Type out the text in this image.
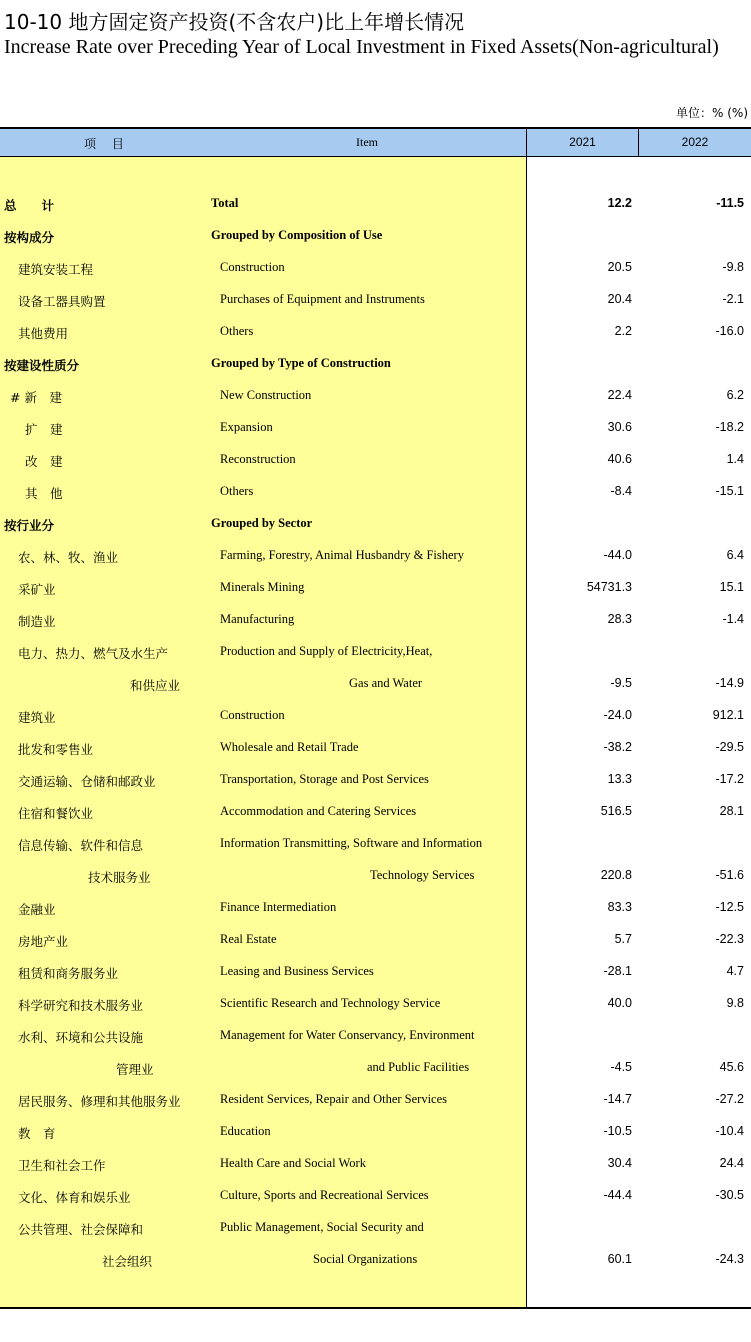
10-10 地方固定资产投资(不含农户)比上年增长情况
Increase Rate over Preceding Year of Local Investment in Fixed Assets(Non-agricultural)
单位：% (%)
项 目	Item	2021	2022
总　　计	Total	12.2	-11.5
按构成分	Grouped by Composition of Use
建筑安装工程	Construction	20.5	-9.8
设备工器具购置	Purchases of Equipment and Instruments	20.4	-2.1
其他费用	Others	2.2	-16.0
按建设性质分	Grouped by Type of Construction
# 新　建	New Construction	22.4	6.2
扩　建	Expansion	30.6	-18.2
改　建	Reconstruction	40.6	1.4
其　他	Others	-8.4	-15.1
按行业分	Grouped by Sector
农、林、牧、渔业	Farming, Forestry, Animal Husbandry & Fishery	-44.0	6.4
采矿业	Minerals Mining	54731.3	15.1
制造业	Manufacturing	28.3	-1.4
电力、热力、燃气及水生产	Production and Supply of Electricity,Heat,
和供应业	Gas and Water	-9.5	-14.9
建筑业	Construction	-24.0	912.1
批发和零售业	Wholesale and Retail Trade	-38.2	-29.5
交通运输、仓储和邮政业	Transportation, Storage and Post Services	13.3	-17.2
住宿和餐饮业	Accommodation and Catering Services	516.5	28.1
信息传输、软件和信息	Information Transmitting, Software and Information
技术服务业	Technology Services	220.8	-51.6
金融业	Finance Intermediation	83.3	-12.5
房地产业	Real Estate	5.7	-22.3
租赁和商务服务业	Leasing and Business Services	-28.1	4.7
科学研究和技术服务业	Scientific Research and Technology Service	40.0	9.8
水利、环境和公共设施	Management for Water Conservancy, Environment
管理业	and Public Facilities	-4.5	45.6
居民服务、修理和其他服务业	Resident Services, Repair and Other Services	-14.7	-27.2
教　育	Education	-10.5	-10.4
卫生和社会工作	Health Care and Social Work	30.4	24.4
文化、体育和娱乐业	Culture, Sports and Recreational Services	-44.4	-30.5
公共管理、社会保障和	Public Management, Social Security and
社会组织	Social Organizations	60.1	-24.3
